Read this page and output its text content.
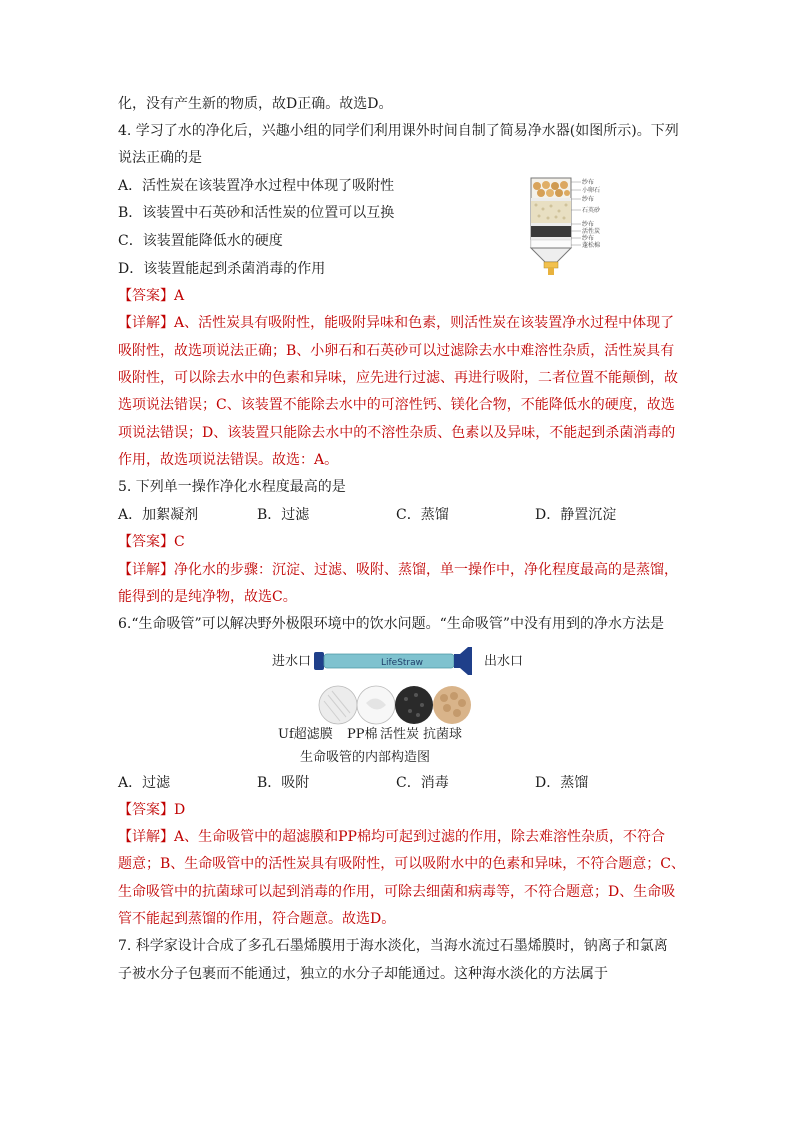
化，没有产生新的物质，故D正确。故选D。
4. 学习了水的净化后，兴趣小组的同学们利用课外时间自制了简易净水器(如图所示)。下列
说法正确的是
A．活性炭在该装置净水过程中体现了吸附性
B．该装置中石英砂和活性炭的位置可以互换
C．该装置能降低水的硬度
D．该装置能起到杀菌消毒的作用
纱布
小卵石
纱布
石英砂
纱布
活性炭
纱布
蓬松棉
【答案】A
【详解】A、活性炭具有吸附性，能吸附异味和色素，则活性炭在该装置净水过程中体现了
吸附性，故选项说法正确；B、小卵石和石英砂可以过滤除去水中难溶性杂质，活性炭具有
吸附性，可以除去水中的色素和异味，应先进行过滤、再进行吸附，二者位置不能颠倒，故
选项说法错误；C、该装置不能除去水中的可溶性钙、镁化合物，不能降低水的硬度，故选
项说法错误；D、该装置只能除去水中的不溶性杂质、色素以及异味，不能起到杀菌消毒的
作用，故选项说法错误。故选：A。
5. 下列单一操作净化水程度最高的是
A．加絮凝剂	B．过滤	C．蒸馏	D．静置沉淀
【答案】C
【详解】净化水的步骤：沉淀、过滤、吸附、蒸馏，单一操作中，净化程度最高的是蒸馏，
能得到的是纯净物，故选C。
6.“生命吸管”可以解决野外极限环境中的饮水问题。“生命吸管”中没有用到的净水方法是
进水口	出水口
LifeStraw
Uf超滤膜 PP棉 活性炭 抗菌球
生命吸管的内部构造图
A．过滤	B．吸附	C．消毒	D．蒸馏
【答案】D
【详解】A、生命吸管中的超滤膜和PP棉均可起到过滤的作用，除去难溶性杂质，不符合
题意；B、生命吸管中的活性炭具有吸附性，可以吸附水中的色素和异味，不符合题意；C、
生命吸管中的抗菌球可以起到消毒的作用，可除去细菌和病毒等，不符合题意；D、生命吸
管不能起到蒸馏的作用，符合题意。故选D。
7. 科学家设计合成了多孔石墨烯膜用于海水淡化，当海水流过石墨烯膜时，钠离子和氯离
子被水分子包裹而不能通过，独立的水分子却能通过。这种海水淡化的方法属于
